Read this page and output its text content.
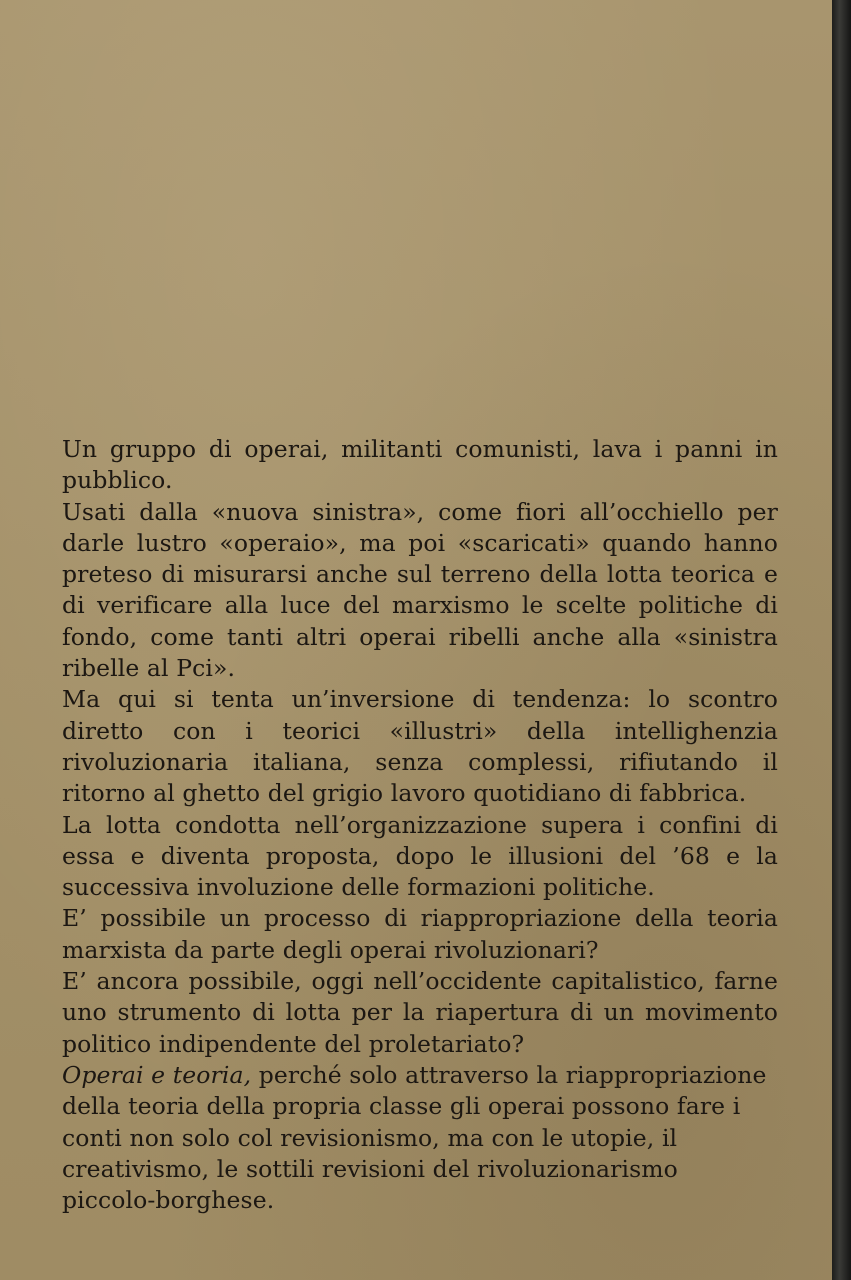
Un gruppo di operai, militanti comunisti, lava i panni in pubblico.

Usati dalla «nuova sinistra», come fiori all’occhiello per darle lustro «operaio», ma poi «scaricati» quando hanno preteso di misurarsi anche sul terreno della lotta teorica e di verificare alla luce del marxismo le scelte politiche di fondo, come tanti altri operai ribelli anche alla «sinistra ribelle al Pci».

Ma qui si tenta un’inversione di tendenza: lo scontro diretto con i teorici «illustri» della intellighenzia rivoluzionaria italiana, senza complessi, rifiutando il ritorno al ghetto del grigio lavoro quotidiano di fabbrica.

La lotta condotta nell’organizzazione supera i confini di essa e diventa proposta, dopo le illusioni del ’68 e la successiva involuzione delle formazioni politiche.

E’ possibile un processo di riappropriazione della teoria marxista da parte degli operai rivoluzionari?

E’ ancora possibile, oggi nell’occidente capitalistico, farne uno strumento di lotta per la riapertura di un movimento politico indipendente del proletariato?

Operai e teoria, perché solo attraverso la riappropriazione della teoria della propria classe gli operai possono fare i conti non solo col revisionismo, ma con le utopie, il creativismo, le sottili revisioni del rivoluzionarismo piccolo-borghese.
